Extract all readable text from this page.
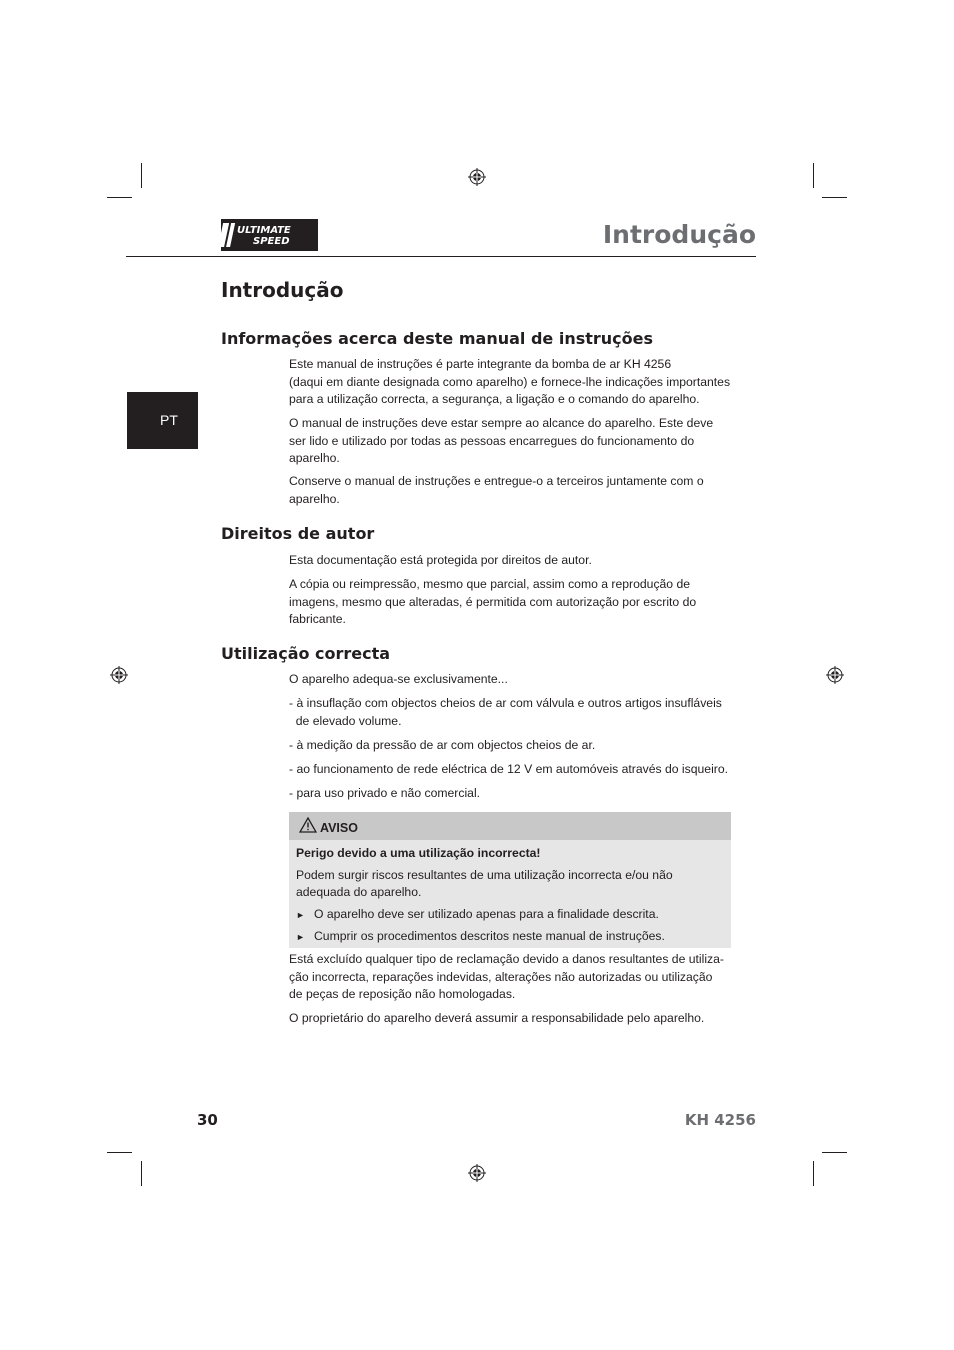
ULTIMATE
SPEED	Introdução
PT
Introdução
Informações acerca deste manual de instruções
Este manual de instruções é parte integrante da bomba de ar KH 4256
(daqui em diante designada como aparelho) e fornece-lhe indicações importantes
para a utilização correcta, a segurança, a ligação e o comando do aparelho.
O manual de instruções deve estar sempre ao alcance do aparelho. Este deve
ser lido e utilizado por todas as pessoas encarregues do funcionamento do
aparelho.
Conserve o manual de instruções e entregue-o a terceiros juntamente com o
aparelho.
Direitos de autor
Esta documentação está protegida por direitos de autor.
A cópia ou reimpressão, mesmo que parcial, assim como a reprodução de
imagens, mesmo que alteradas, é permitida com autorização por escrito do
fabricante.
Utilização correcta
O aparelho adequa-se exclusivamente...
- à insuflação com objectos cheios de ar com válvula e outros artigos insufláveis
de elevado volume.
- à medição da pressão de ar com objectos cheios de ar.
- ao funcionamento de rede eléctrica de 12 V em automóveis através do isqueiro.
- para uso privado e não comercial.
AVISO
Perigo devido a uma utilização incorrecta!
Podem surgir riscos resultantes de uma utilização incorrecta e/ou não
adequada do aparelho.
► O aparelho deve ser utilizado apenas para a finalidade descrita.
► Cumprir os procedimentos descritos neste manual de instruções.
Está excluído qualquer tipo de reclamação devido a danos resultantes de utiliza-
ção incorrecta, reparações indevidas, alterações não autorizadas ou utilização
de peças de reposição não homologadas.
O proprietário do aparelho deverá assumir a responsabilidade pelo aparelho.
30	KH 4256
